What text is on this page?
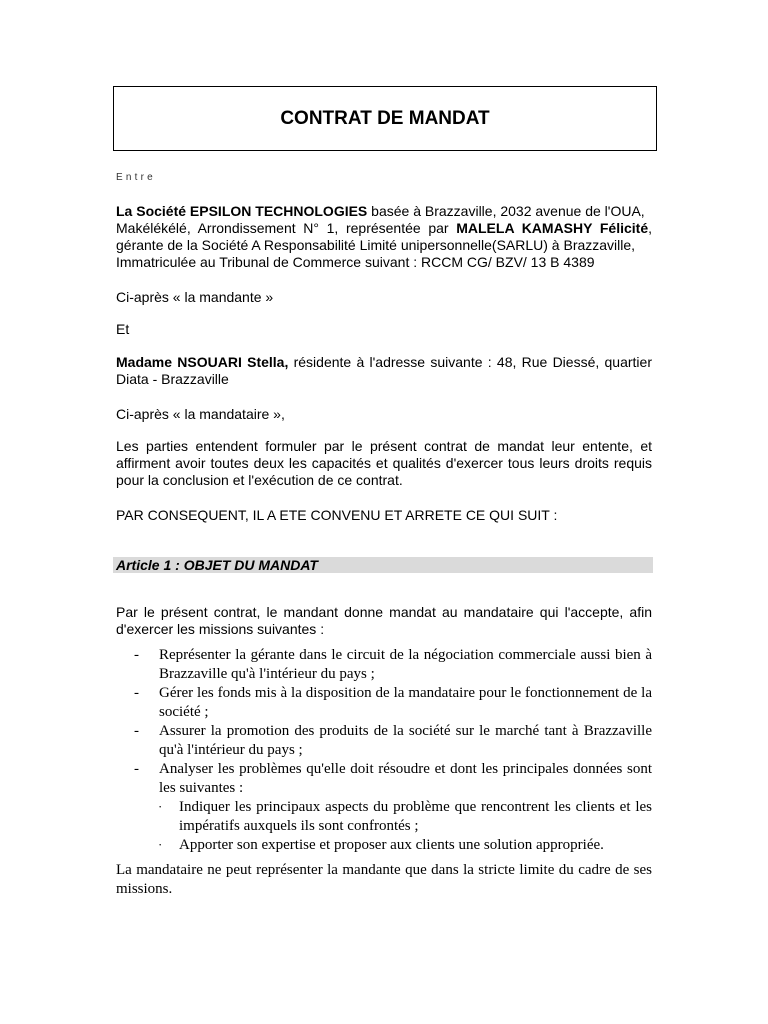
CONTRAT DE MANDAT
Entre
La Société EPSILON TECHNOLOGIES basée à Brazzaville, 2032 avenue de l'OUA,
Makélékélé, Arrondissement N° 1, représentée par MALELA KAMASHY Félicité,
gérante de la Société A Responsabilité Limité unipersonnelle(SARLU) à Brazzaville,
Immatriculée au Tribunal de Commerce suivant : RCCM CG/ BZV/ 13 B 4389
Ci-après « la mandante »
Et
Madame NSOUARI Stella, résidente à l'adresse suivante : 48, Rue Diessé, quartier
Diata - Brazzaville
Ci-après « la mandataire »,
Les parties entendent formuler par le présent contrat de mandat leur entente, et
affirment avoir toutes deux les capacités et qualités d'exercer tous leurs droits requis
pour la conclusion et l'exécution de ce contrat.
PAR CONSEQUENT, IL A ETE CONVENU ET ARRETE CE QUI SUIT :
Article 1 : OBJET DU MANDAT
Par le présent contrat, le mandant donne mandat au mandataire qui l'accepte, afin
d'exercer les missions suivantes :
- Représenter la gérante dans le circuit de la négociation commerciale aussi bien à Brazzaville qu'à l'intérieur du pays ;
- Gérer les fonds mis à la disposition de la mandataire pour le fonctionnement de la société ;
- Assurer la promotion des produits de la société sur le marché tant à Brazzaville qu'à l'intérieur du pays ;
- Analyser les problèmes qu'elle doit résoudre et dont les principales données sont les suivantes :
· Indiquer les principaux aspects du problème que rencontrent les clients et les impératifs auxquels ils sont confrontés ;
· Apporter son expertise et proposer aux clients une solution appropriée.
La mandataire ne peut représenter la mandante que dans la stricte limite du cadre de ses missions.
